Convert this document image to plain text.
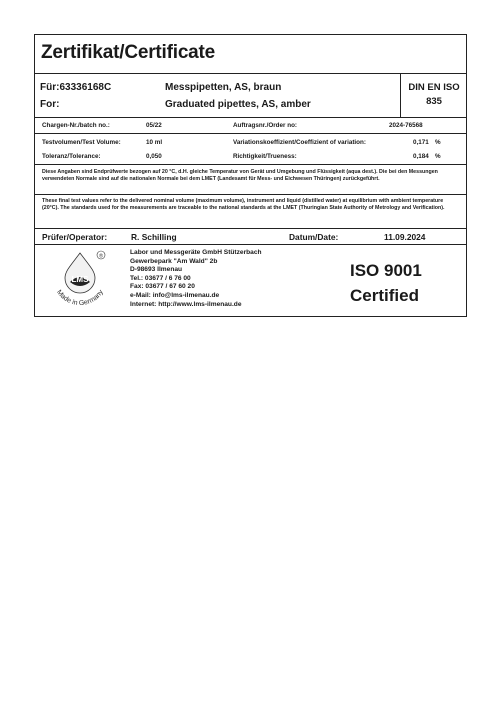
Zertifikat/Certificate
Für:63336168C	Messpipetten, AS, braun
For:	Graduated pipettes, AS, amber
DIN EN ISO
835
Chargen-Nr./batch no.:	05/22	Auftragsnr./Order no:	2024-76568
Testvolumen/Test Volume:	10 ml	Variationskoeffizient/Coeffizient of variation:	0,171 %
Toleranz/Tolerance:	0,050	Richtigkeit/Trueness:	0,184 %
Diese Angaben sind Endprüfwerte bezogen auf 20 °C, d.H. gleiche Temperatur von Gerät und Umgebung und Flüssigkeit (aqua dest.). Die bei den Messungen verwendeten Normale sind auf die nationalen Normale bei dem LMET (Landesamt für Mess- und Eichwesen Thüringen) zurückgeführt.
These final test values refer to the delivered nominal volume (maximum volume), instrument and liquid (distilled water) at equilibrium with ambient temperature (20°C). The standards used for the measurements are traceable to the national standards at the LMET (Thuringian State Authority of Metrology and Verification).
Prüfer/Operator:	R. Schilling	Datum/Date:	11.09.2024
LMS
®
Made in Germany
Labor und Messgeräte GmbH Stützerbach
Gewerbepark "Am Wald" 2b
D-98693 Ilmenau
Tel.: 03677 / 6 76 00
Fax: 03677 / 67 60 20
e-Mail: info@lms-ilmenau.de
Internet: http://www.lms-ilmenau.de
ISO 9001
Certified
